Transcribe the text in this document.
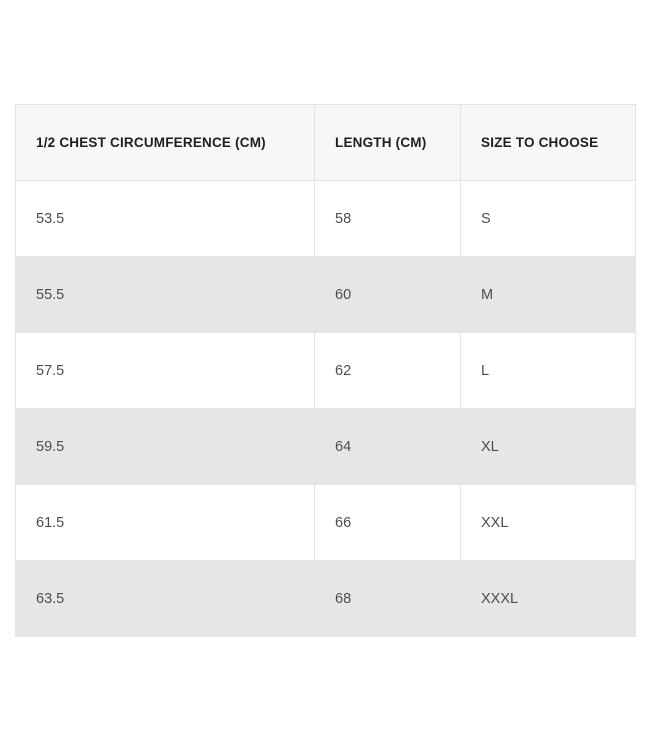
1/2 CHEST CIRCUMFERENCE (CM)	LENGTH (CM)	SIZE TO CHOOSE
53.5	58	S
55.5	60	M
57.5	62	L
59.5	64	XL
61.5	66	XXL
63.5	68	XXXL
